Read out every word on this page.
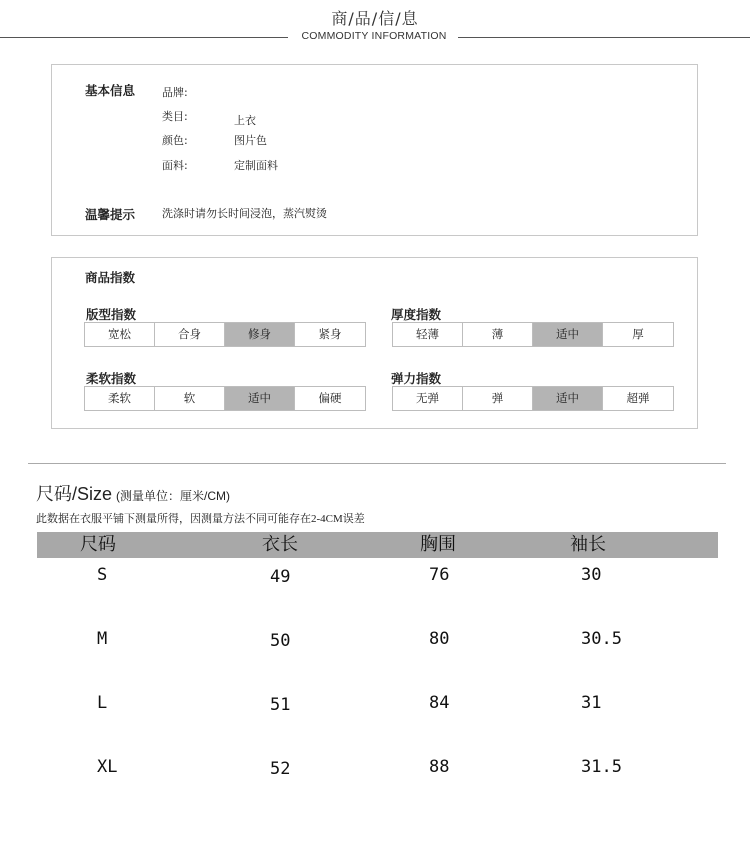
商/品/信/息
COMMODITY INFORMATION
基本信息 品牌:
类目:	上衣
颜色:	图片色
面料:	定制面料
温馨提示 洗涤时请勿长时间浸泡，蒸汽熨烫
商品指数
版型指数
宽松	合身	修身	紧身
厚度指数
轻薄	薄	适中	厚
柔软指数
柔软	软	适中	偏硬
弹力指数
无弹	弹	适中	超弹
尺码/Size (测量单位：厘米/CM)
此数据在衣服平铺下测量所得，因测量方法不同可能存在2-4CM误差
尺码	衣长	胸围	袖长
S	49	76	30
M	50	80	30.5
L	51	84	31
XL	52	88	31.5
